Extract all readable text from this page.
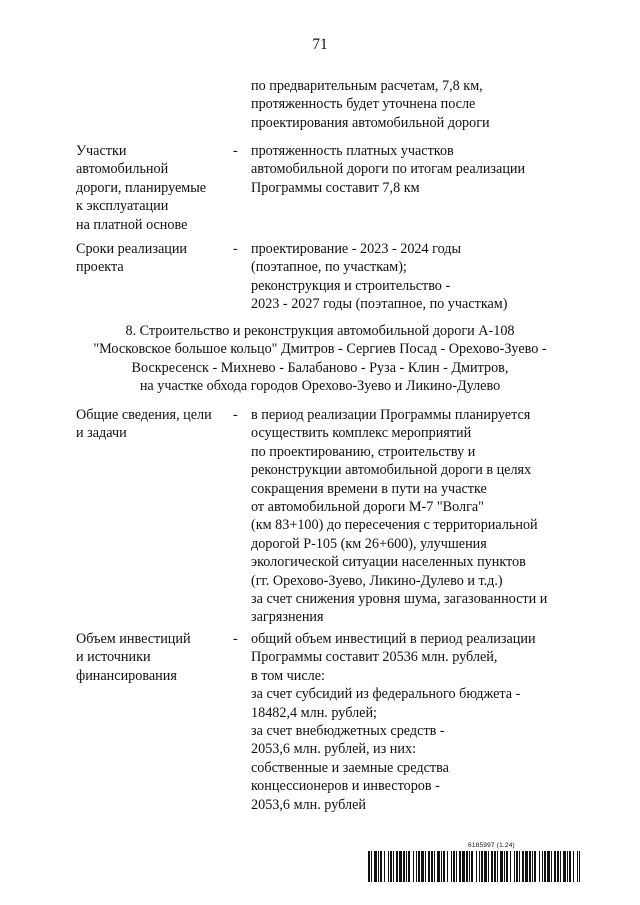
71
по предварительным расчетам, 7,8 км,
протяженность будет уточнена после
проектирования автомобильной дороги
Участки
автомобильной
дороги, планируемые
к эксплуатации
на платной основе
- протяженность платных участков
автомобильной дороги по итогам реализации
Программы составит 7,8 км
Сроки реализации
проекта
- проектирование - 2023 - 2024 годы
(поэтапное, по участкам);
реконструкция и строительство -
2023 - 2027 годы (поэтапное, по участкам)
8. Строительство и реконструкция автомобильной дороги А-108
"Московское большое кольцо" Дмитров - Сергиев Посад - Орехово-Зуево -
Воскресенск - Михнево - Балабаново - Руза - Клин - Дмитров,
на участке обхода городов Орехово-Зуево и Ликино-Дулево
Общие сведения, цели
и задачи
- в период реализации Программы планируется
осуществить комплекс мероприятий
по проектированию, строительству и
реконструкции автомобильной дороги в целях
сокращения времени в пути на участке
от автомобильной дороги М-7 "Волга"
(км 83+100) до пересечения с территориальной
дорогой Р-105 (км 26+600), улучшения
экологической ситуации населенных пунктов
(гг. Орехово-Зуево, Ликино-Дулево и т.д.)
за счет снижения уровня шума, загазованности и
загрязнения
Объем инвестиций
и источники
финансирования
- общий объем инвестиций в период реализации
Программы составит 20536 млн. рублей,
в том числе:
за счет субсидий из федерального бюджета -
18482,4 млн. рублей;
за счет внебюджетных средств -
2053,6 млн. рублей, из них:
собственные и заемные средства
концессионеров и инвесторов -
2053,6 млн. рублей
6185997 (1.24)
